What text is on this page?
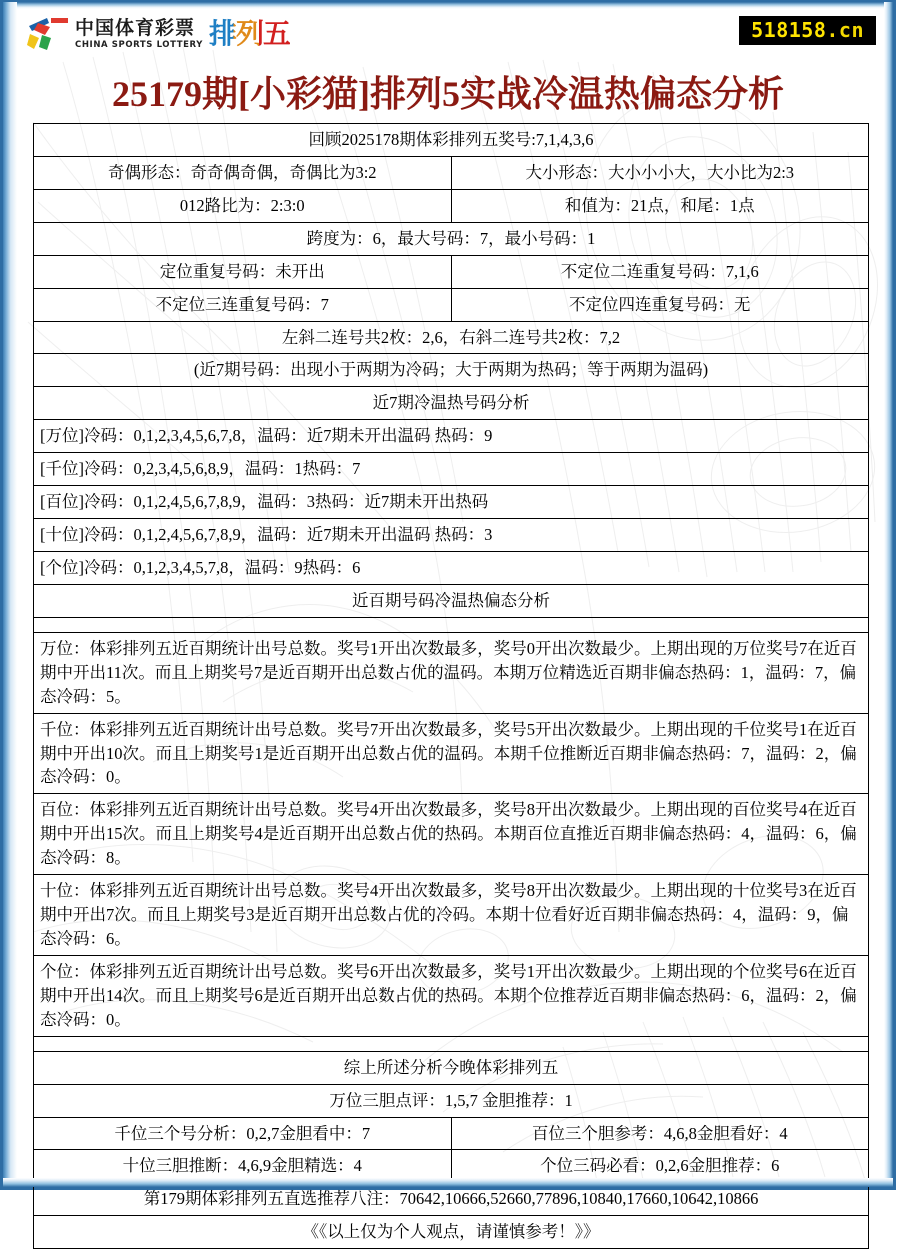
中国体育彩票
CHINA SPORTS LOTTERY 排列五	518158.cn
25179期[小彩猫]排列5实战冷温热偏态分析
回顾2025178期体彩排列五奖号:7,1,4,3,6	
奇偶形态：奇奇偶奇偶，奇偶比为3:2	大小形态：大小小小大，大小比为2:3
012路比为：2:3:0	和值为：21点，和尾：1点
跨度为：6，最大号码：7，最小号码：1	
定位重复号码：未开出	不定位二连重复号码：7,1,6
不定位三连重复号码：7	不定位四连重复号码：无
左斜二连号共2枚：2,6，右斜二连号共2枚：7,2	
(近7期号码：出现小于两期为冷码；大于两期为热码；等于两期为温码)	
近7期冷温热号码分析	
[万位]冷码：0,1,2,3,4,5,6,7,8，温码：近7期未开出温码 热码：9	
[千位]冷码：0,2,3,4,5,6,8,9，温码：1热码：7	
[百位]冷码：0,1,2,4,5,6,7,8,9，温码：3热码：近7期未开出热码	
[十位]冷码：0,1,2,4,5,6,7,8,9，温码：近7期未开出温码 热码：3	
[个位]冷码：0,1,2,3,4,5,7,8，温码：9热码：6	
近百期号码冷温热偏态分析	

万位：体彩排列五近百期统计出号总数。奖号1开出次数最多，奖号0开出次数最少。上期出现的万位奖号7在近百期中开出11次。而且上期奖号7是近百期开出总数占优的温码。本期万位精选近百期非偏态热码：1，温码：7，偏态冷码：5。	
千位：体彩排列五近百期统计出号总数。奖号7开出次数最多，奖号5开出次数最少。上期出现的千位奖号1在近百期中开出10次。而且上期奖号1是近百期开出总数占优的温码。本期千位推断近百期非偏态热码：7，温码：2，偏态冷码：0。	
百位：体彩排列五近百期统计出号总数。奖号4开出次数最多，奖号8开出次数最少。上期出现的百位奖号4在近百期中开出15次。而且上期奖号4是近百期开出总数占优的热码。本期百位直推近百期非偏态热码：4，温码：6，偏态冷码：8。	
十位：体彩排列五近百期统计出号总数。奖号4开出次数最多，奖号8开出次数最少。上期出现的十位奖号3在近百期中开出7次。而且上期奖号3是近百期开出总数占优的冷码。本期十位看好近百期非偏态热码：4，温码：9，偏态冷码：6。	
个位：体彩排列五近百期统计出号总数。奖号6开出次数最多，奖号1开出次数最少。上期出现的个位奖号6在近百期中开出14次。而且上期奖号6是近百期开出总数占优的热码。本期个位推荐近百期非偏态热码：6，温码：2，偏态冷码：0。	

综上所述分析今晚体彩排列五	
万位三胆点评：1,5,7 金胆推荐：1	
千位三个号分析：0,2,7金胆看中：7	百位三个胆参考：4,6,8金胆看好：4
十位三胆推断：4,6,9金胆精选：4	个位三码必看：0,2,6金胆推荐：6
第179期体彩排列五直选推荐八注：70642,10666,52660,77896,10840,17660,10642,10866	
《《以上仅为个人观点，请谨慎参考！》》	
